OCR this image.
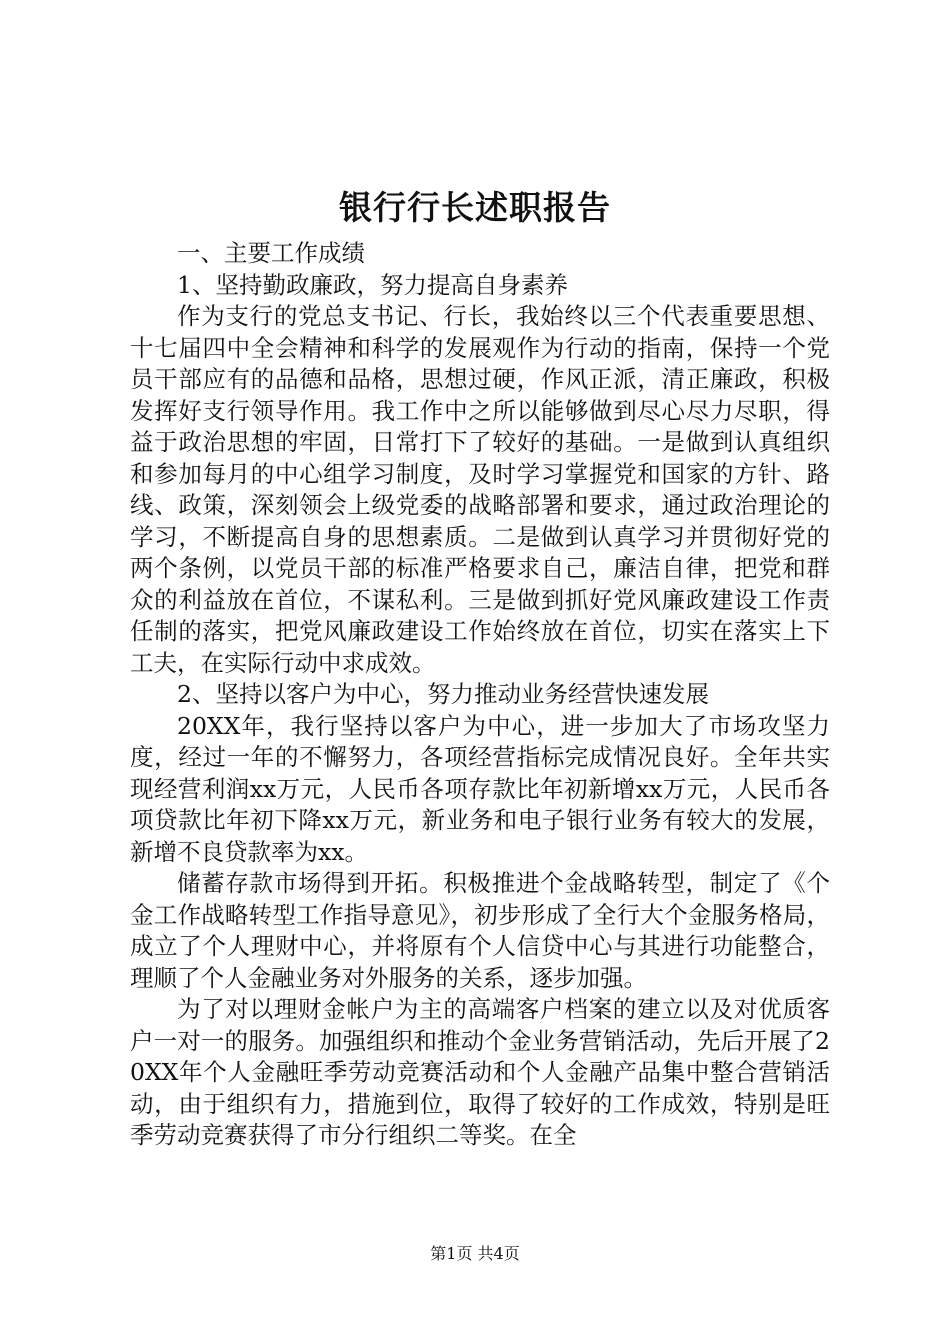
银行行长述职报告

一、主要工作成绩

1、坚持勤政廉政，努力提高自身素养

作为支行的党总支书记、行长，我始终以三个代表重要思想、十七届四中全会精神和科学的发展观作为行动的指南，保持一个党员干部应有的品德和品格，思想过硬，作风正派，清正廉政，积极发挥好支行领导作用。我工作中之所以能够做到尽心尽力尽职，得益于政治思想的牢固，日常打下了较好的基础。一是做到认真组织和参加每月的中心组学习制度，及时学习掌握党和国家的方针、路线、政策，深刻领会上级党委的战略部署和要求，通过政治理论的学习，不断提高自身的思想素质。二是做到认真学习并贯彻好党的两个条例，以党员干部的标准严格要求自己，廉洁自律，把党和群众的利益放在首位，不谋私利。三是做到抓好党风廉政建设工作责任制的落实，把党风廉政建设工作始终放在首位，切实在落实上下工夫，在实际行动中求成效。

2、坚持以客户为中心，努力推动业务经营快速发展

20XX年，我行坚持以客户为中心，进一步加大了市场攻坚力度，经过一年的不懈努力，各项经营指标完成情况良好。全年共实现经营利润xx万元，人民币各项存款比年初新增xx万元，人民币各项贷款比年初下降xx万元，新业务和电子银行业务有较大的发展，新增不良贷款率为xx。

储蓄存款市场得到开拓。积极推进个金战略转型，制定了《个金工作战略转型工作指导意见》，初步形成了全行大个金服务格局，成立了个人理财中心，并将原有个人信贷中心与其进行功能整合，理顺了个人金融业务对外服务的关系，逐步加强。

为了对以理财金帐户为主的高端客户档案的建立以及对优质客户一对一的服务。加强组织和推动个金业务营销活动，先后开展了20XX年个人金融旺季劳动竞赛活动和个人金融产品集中整合营销活动，由于组织有力，措施到位，取得了较好的工作成效，特别是旺季劳动竞赛获得了市分行组织二等奖。在全

第1页 共4页
